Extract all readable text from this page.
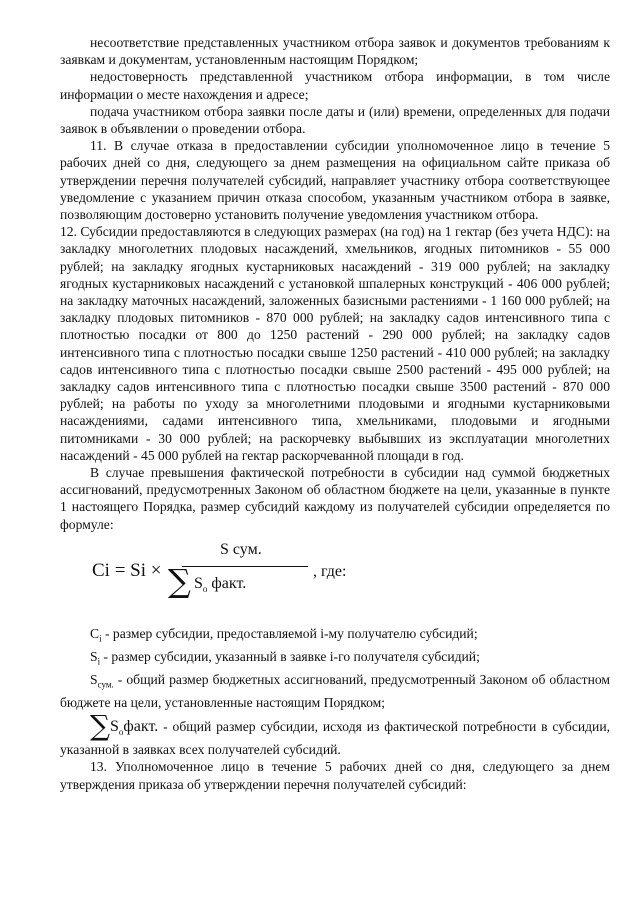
несоответствие представленных участником отбора заявок и документов требованиям к заявкам и документам, установленным настоящим Порядком;

недостоверность представленной участником отбора информации, в том числе информации о месте нахождения и адресе;

подача участником отбора заявки после даты и (или) времени, определенных для подачи заявок в объявлении о проведении отбора.

11. В случае отказа в предоставлении субсидии уполномоченное лицо в течение 5 рабочих дней со дня, следующего за днем размещения на официальном сайте приказа об утверждении перечня получателей субсидий, направляет участнику отбора соответствующее уведомление с указанием причин отказа способом, указанным участником отбора в заявке, позволяющим достоверно установить получение уведомления участником отбора.

12. Субсидии предоставляются в следующих размерах (на год) на 1 гектар (без учета НДС): на закладку многолетних плодовых насаждений, хмельников, ягодных питомников - 55 000 рублей; на закладку ягодных кустарниковых насаждений - 319 000 рублей; на закладку ягодных кустарниковых насаждений с установкой шпалерных конструкций - 406 000 рублей; на закладку маточных насаждений, заложенных базисными растениями - 1 160 000 рублей; на закладку плодовых питомников - 870 000 рублей; на закладку садов интенсивного типа с плотностью посадки от 800 до 1250 растений - 290 000 рублей; на закладку садов интенсивного типа с плотностью посадки свыше 1250 растений - 410 000 рублей; на закладку садов интенсивного типа с плотностью посадки свыше 2500 растений - 495 000 рублей; на закладку садов интенсивного типа с плотностью посадки свыше 3500 растений - 870 000 рублей; на работы по уходу за многолетними плодовыми и ягодными кустарниковыми насаждениями, садами интенсивного типа, хмельниками, плодовыми и ягодными питомниками - 30 000 рублей; на раскорчевку выбывших из эксплуатации многолетних насаждений - 45 000 рублей на гектар раскорчеванной площади в год.

В случае превышения фактической потребности в субсидии над суммой бюджетных ассигнований, предусмотренных Законом об областном бюджете на цели, указанные в пункте 1 настоящего Порядка, размер субсидий каждому из получателей субсидии определяется по формуле:

Ci = Si ×
S сум.
∑ $S_o$ факт.
, где:

$C_i$ - размер субсидии, предоставляемой i-му получателю субсидий;

$S_i$ - размер субсидии, указанный в заявке i-го получателя субсидий;

$S_{сум.}$ - общий размер бюджетных ассигнований, предусмотренный Законом об областном бюджете на цели, установленные настоящим Порядком;

$\sum S_oфакт$. - общий размер субсидии, исходя из фактической потребности в субсидии, указанной в заявках всех получателей субсидий.

13. Уполномоченное лицо в течение 5 рабочих дней со дня, следующего за днем утверждения приказа об утверждении перечня получателей субсидий:
